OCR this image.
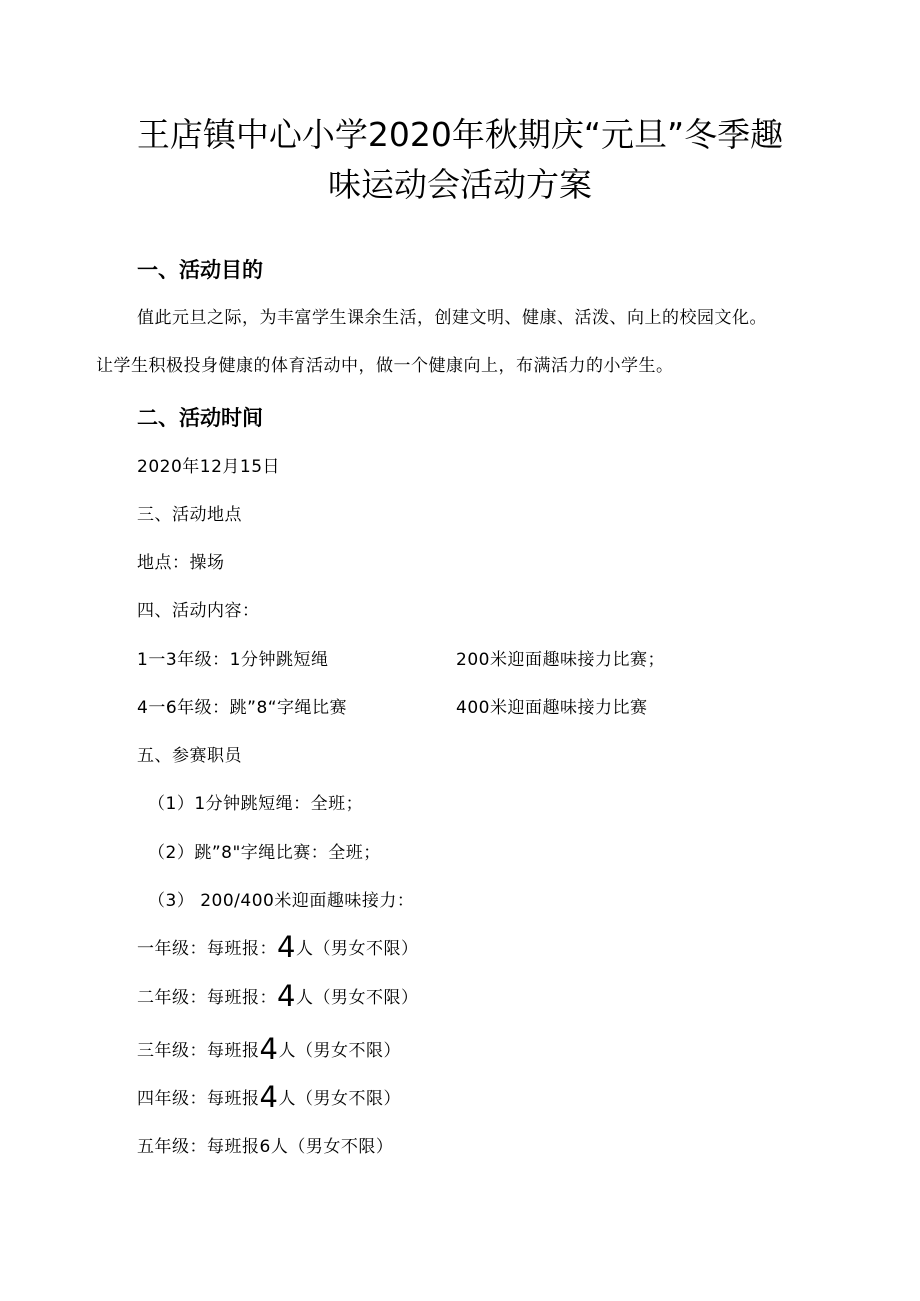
王店镇中心小学2020年秋期庆“元旦”冬季趣
味运动会活动方案
一、活动目的

值此元旦之际，为丰富学生课余生活，创建文明、健康、活泼、向上的校园文化。

让学生积极投身健康的体育活动中，做一个健康向上，布满活力的小学生。

二、活动时间

2020年12月15日

三、活动地点

地点：操场

四、活动内容：

1一3年级：1分钟跳短绳	200米迎面趣味接力比赛；

4一6年级：跳”8“字绳比赛	400米迎面趣味接力比赛

五、参赛职员

（1）1分钟跳短绳：全班；

（2）跳”8"字绳比赛：全班；

（3） 200/400米迎面趣味接力：

一年级：每班报：4人（男女不限）

二年级：每班报：4人（男女不限）

三年级：每班报4人（男女不限）

四年级：每班报4人（男女不限）

五年级：每班报6人（男女不限）
